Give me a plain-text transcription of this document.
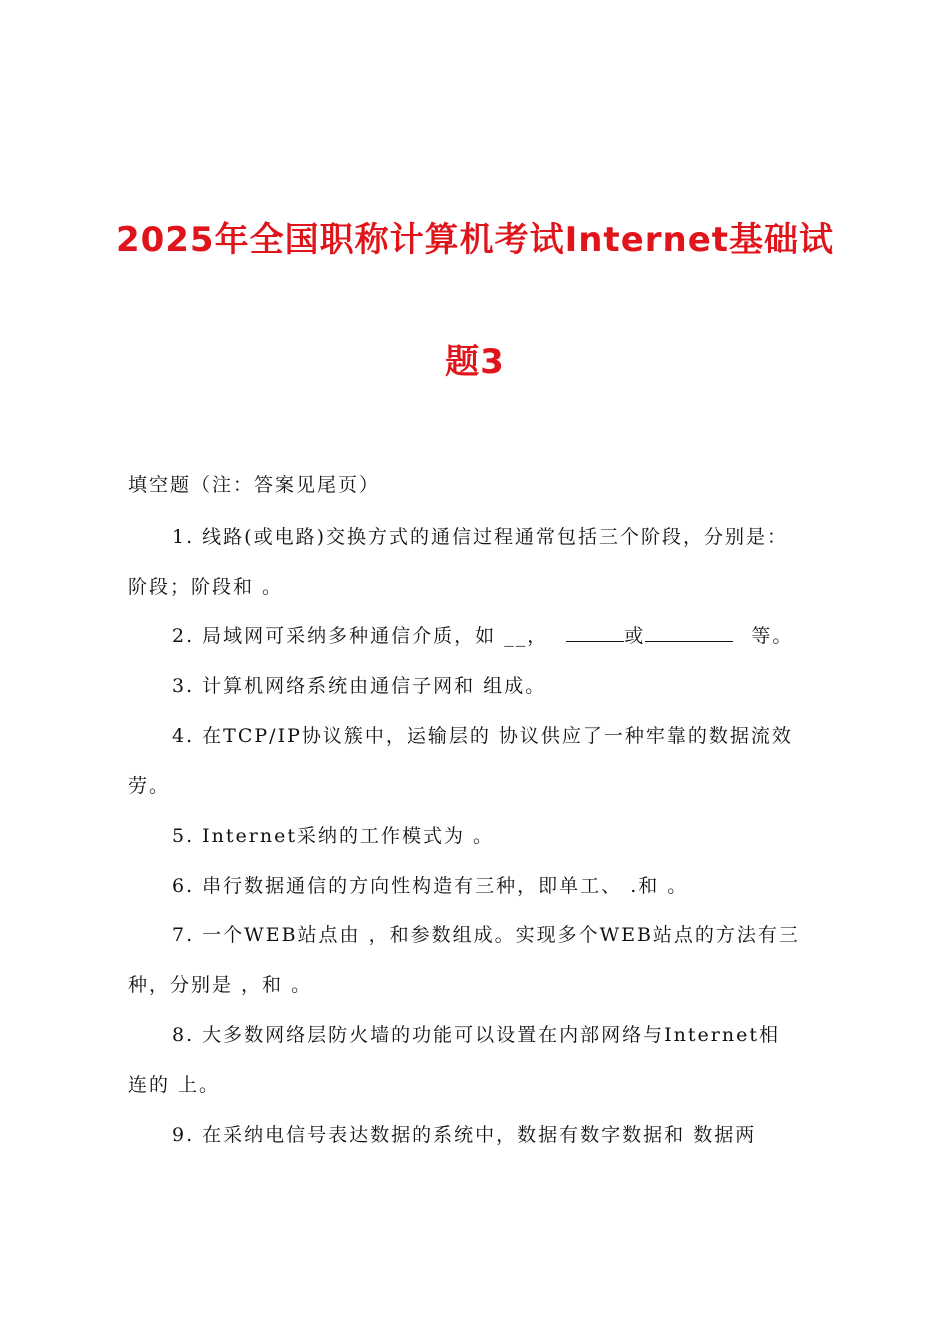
2025年全国职称计算机考试Internet基础试
题3
填空题（注：答案见尾页）
1. 线路(或电路)交换方式的通信过程通常包括三个阶段，分别是：
阶段；阶段和 。
2. 局域网可采纳多种通信介质，如 __，	或	等。
3. 计算机网络系统由通信子网和 组成。
4. 在TCP/IP协议簇中，运输层的 协议供应了一种牢靠的数据流效
劳。
5. Internet采纳的工作模式为 。
6. 串行数据通信的方向性构造有三种，即单工、 .和 。
7. 一个WEB站点由 ，和参数组成。实现多个WEB站点的方法有三
种，分别是 ，和 。
8. 大多数网络层防火墙的功能可以设置在内部网络与Internet相
连的 上。
9. 在采纳电信号表达数据的系统中，数据有数字数据和 数据两
